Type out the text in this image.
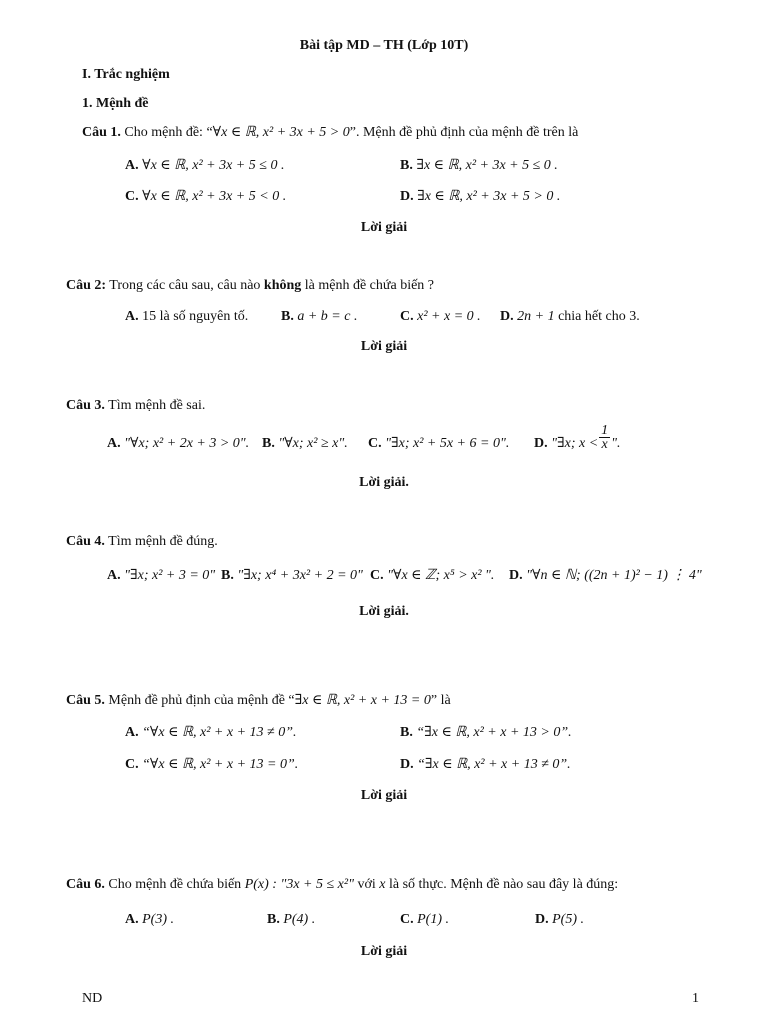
Bài tập MD – TH (Lớp 10T)
I. Trắc nghiệm
1. Mệnh đề
Câu 1. Cho mệnh đề: “∀x ∈ ℝ, x² + 3x + 5 > 0”. Mệnh đề phủ định của mệnh đề trên là
A. ∀x ∈ ℝ, x² + 3x + 5 ≤ 0 .	B. ∃x ∈ ℝ, x² + 3x + 5 ≤ 0 .
C. ∀x ∈ ℝ, x² + 3x + 5 < 0 .	D. ∃x ∈ ℝ, x² + 3x + 5 > 0 .
Lời giải
Câu 2: Trong các câu sau, câu nào không là mệnh đề chứa biến ?
A. 15 là số nguyên tố. B. a + b = c .	C. x² + x = 0 . D. 2n + 1 chia hết cho 3.
Lời giải
Câu 3. Tìm mệnh đề sai.
A. "∀x; x² + 2x + 3 > 0". B. "∀x; x² ≥ x". C. "∃x; x² + 5x + 6 = 0". D. "∃x; $x < \frac{1}{x}$ ".
Lời giải.
Câu 4. Tìm mệnh đề đúng.
A. "∃x; x² + 3 = 0" B. "∃x; x⁴ + 3x² + 2 = 0" C. "∀x ∈ ℤ; x⁵ > x² ". D. "∀n ∈ ℕ; ((2n + 1)² − 1) ⋮ 4"
Lời giải.
Câu 5. Mệnh đề phủ định của mệnh đề “∃x ∈ ℝ, x² + x + 13 = 0” là
A. “∀x ∈ ℝ, x² + x + 13 ≠ 0”.	B. “∃x ∈ ℝ, x² + x + 13 > 0”.
C. “∀x ∈ ℝ, x² + x + 13 = 0”.	D. “∃x ∈ ℝ, x² + x + 13 ≠ 0”.
Lời giải
Câu 6. Cho mệnh đề chứa biến P(x) : "3x + 5 ≤ x²" với x là số thực. Mệnh đề nào sau đây là đúng:
A. P(3) .	B. P(4) .	C. P(1) .	D. P(5) .
Lời giải
ND	1
